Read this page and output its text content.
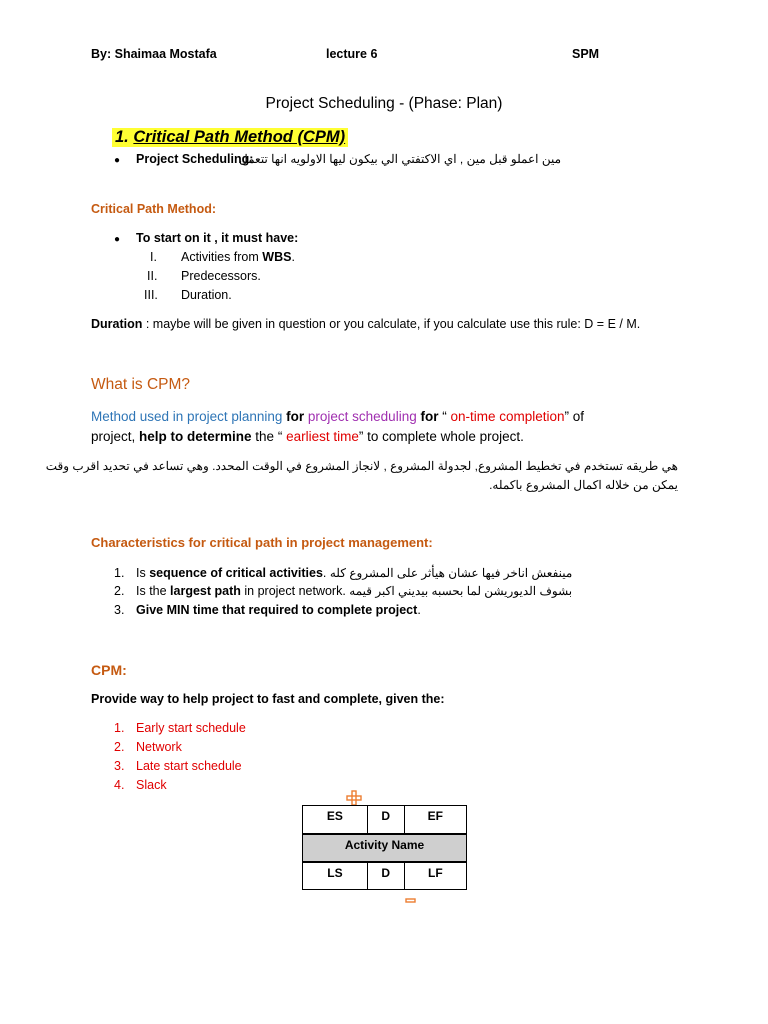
By: Shaimaa Mostafa	lecture 6	SPM
Project Scheduling - (Phase: Plan)
1. Critical Path Method (CPM)
● Project Scheduling:
مين اعملو قبل مين , اي الاكتفتي الي بيكون ليها الاولويه انها تتعمل
Critical Path Method:
● To start on it , it must have:
I. Activities from WBS.
II. Predecessors.
III. Duration.
Duration : maybe will be given in question or you calculate, if you calculate use this rule: D = E / M.
What is CPM?
Method used in project planning for project scheduling for “ on-time completion” of
project, help to determine the “ earliest time” to complete whole project.
هي طريقه تستخدم في تخطيط المشروع, لجدولة المشروع , لانجاز المشروع في الوقت المحدد. وهي تساعد في تحديد اقرب وقت
يمكن من خلاله اكمال المشروع باكمله.
Characteristics for critical path in project management:
1. Is sequence of critical activities. مينفعش اناخر فيها عشان هيأثر على المشروع كله
2. Is the largest path in project network. بشوف الديوريشن لما بحسبه بيديني اكبر قيمه
3. Give MIN time that required to complete project.
CPM:
Provide way to help project to fast and complete, given the:
1. Early start schedule
2. Network
3. Late start schedule
4. Slack
ES	D	EF
Activity Name		
LS	D	LF
